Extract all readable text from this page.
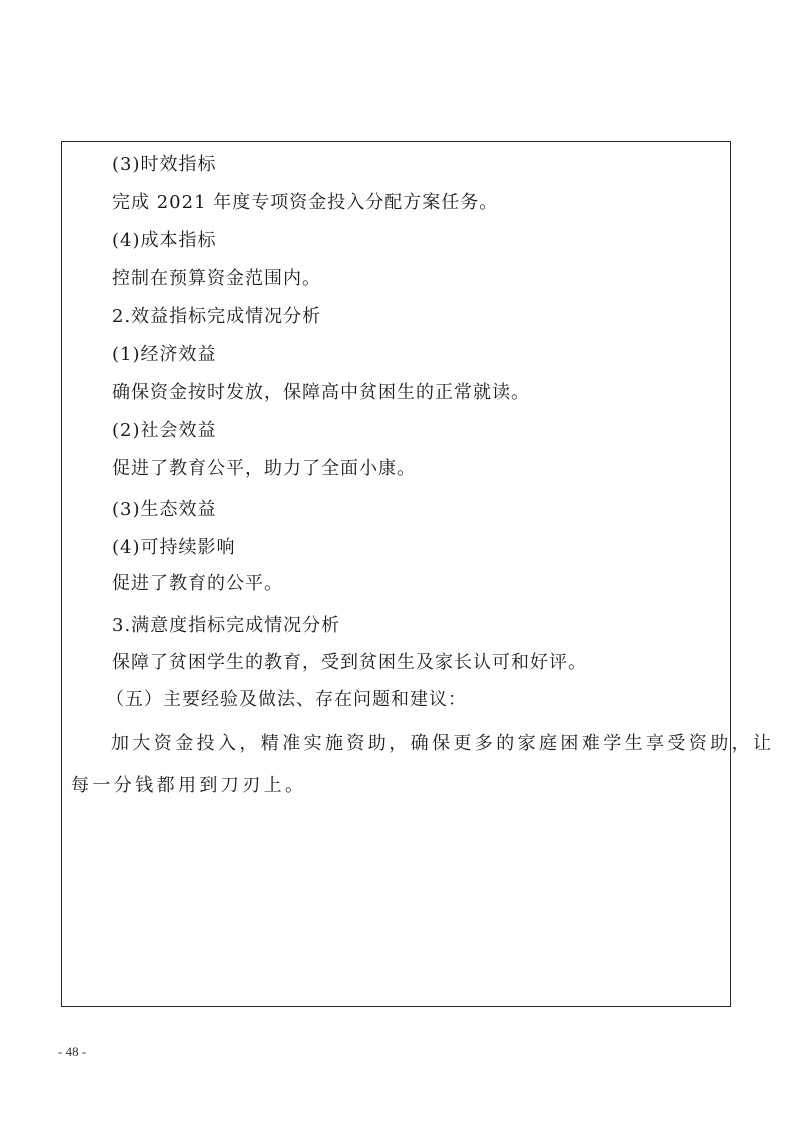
(3)时效指标
完成 2021 年度专项资金投入分配方案任务。
(4)成本指标
控制在预算资金范围内。
2.效益指标完成情况分析
(1)经济效益
确保资金按时发放，保障高中贫困生的正常就读。
(2)社会效益
促进了教育公平，助力了全面小康。
(3)生态效益
(4)可持续影响
促进了教育的公平。
3.满意度指标完成情况分析
保障了贫困学生的教育，受到贫困生及家长认可和好评。
（五）主要经验及做法、存在问题和建议：
加大资金投入，精准实施资助，确保更多的家庭困难学生享受资助，让
每一分钱都用到刀刃上。
- 48 -
